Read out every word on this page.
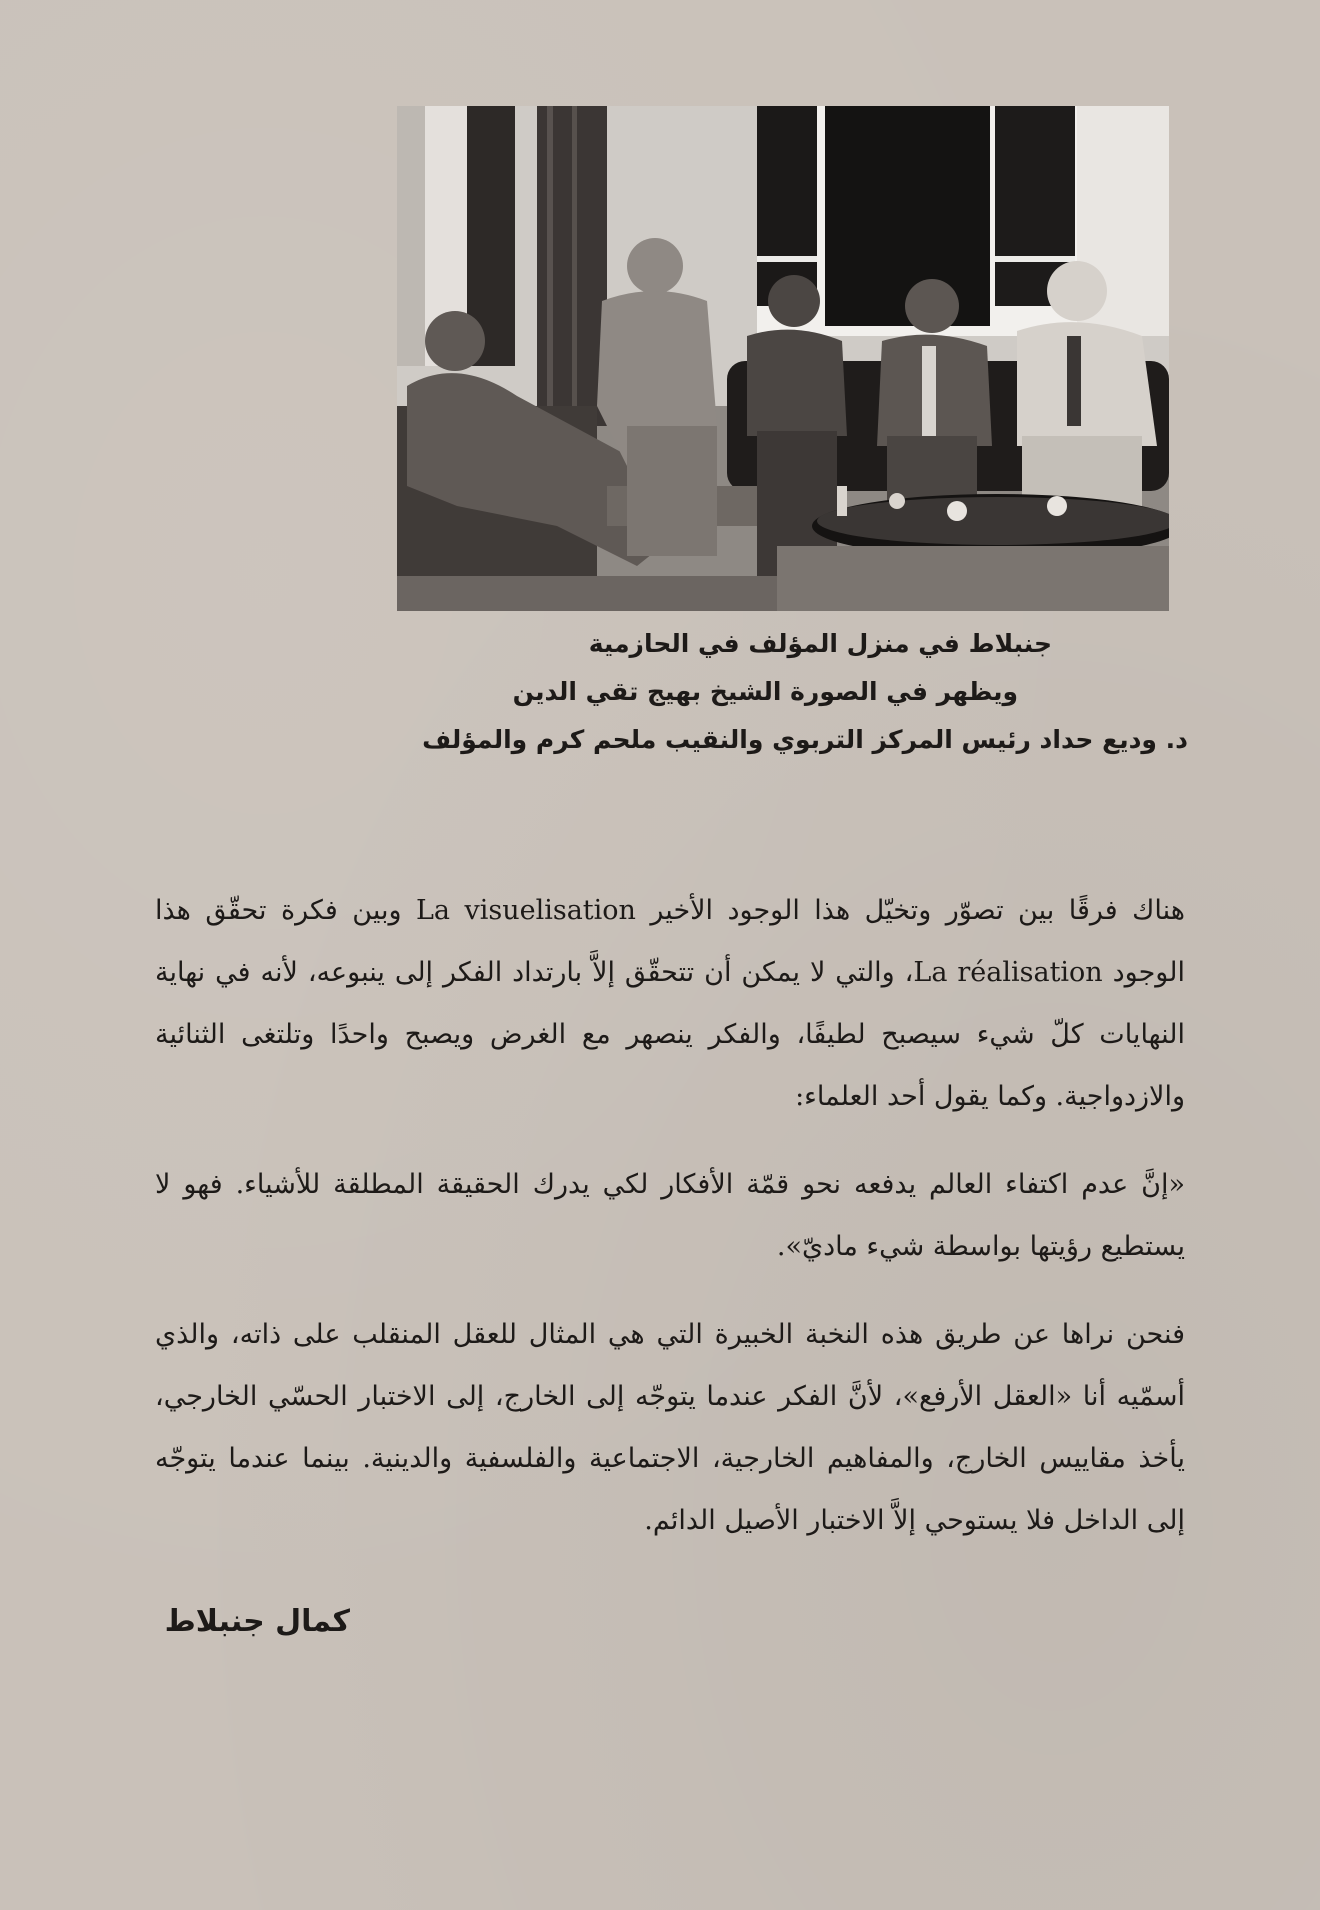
جنبلاط في منزل المؤلف في الحازمية
ويظهر في الصورة الشيخ بهيج تقي الدين
د. وديع حداد رئيس المركز التربوي والنقيب ملحم كرم والمؤلف

هناك فرقًا بين تصوّر وتخيّل هذا الوجود الأخير La visuelisation وبين فكرة تحقّق هذا الوجود La réalisation، والتي لا يمكن أن تتحقّق إلاَّ بارتداد الفكر إلى ينبوعه، لأنه في نهاية النهايات كلّ شيء سيصبح لطيفًا، والفكر ينصهر مع الغرض ويصبح واحدًا وتلتغى الثنائية والازدواجية. وكما يقول أحد العلماء:

«إنَّ عدم اكتفاء العالم يدفعه نحو قمّة الأفكار لكي يدرك الحقيقة المطلقة للأشياء. فهو لا يستطيع رؤيتها بواسطة شيء ماديّ».

فنحن نراها عن طريق هذه النخبة الخبيرة التي هي المثال للعقل المنقلب على ذاته، والذي أسمّيه أنا «العقل الأرفع»، لأنَّ الفكر عندما يتوجّه إلى الخارج، إلى الاختبار الحسّي الخارجي، يأخذ مقاييس الخارج، والمفاهيم الخارجية، الاجتماعية والفلسفية والدينية. بينما عندما يتوجّه إلى الداخل فلا يستوحي إلاَّ الاختبار الأصيل الدائم.

كمال جنبلاط
